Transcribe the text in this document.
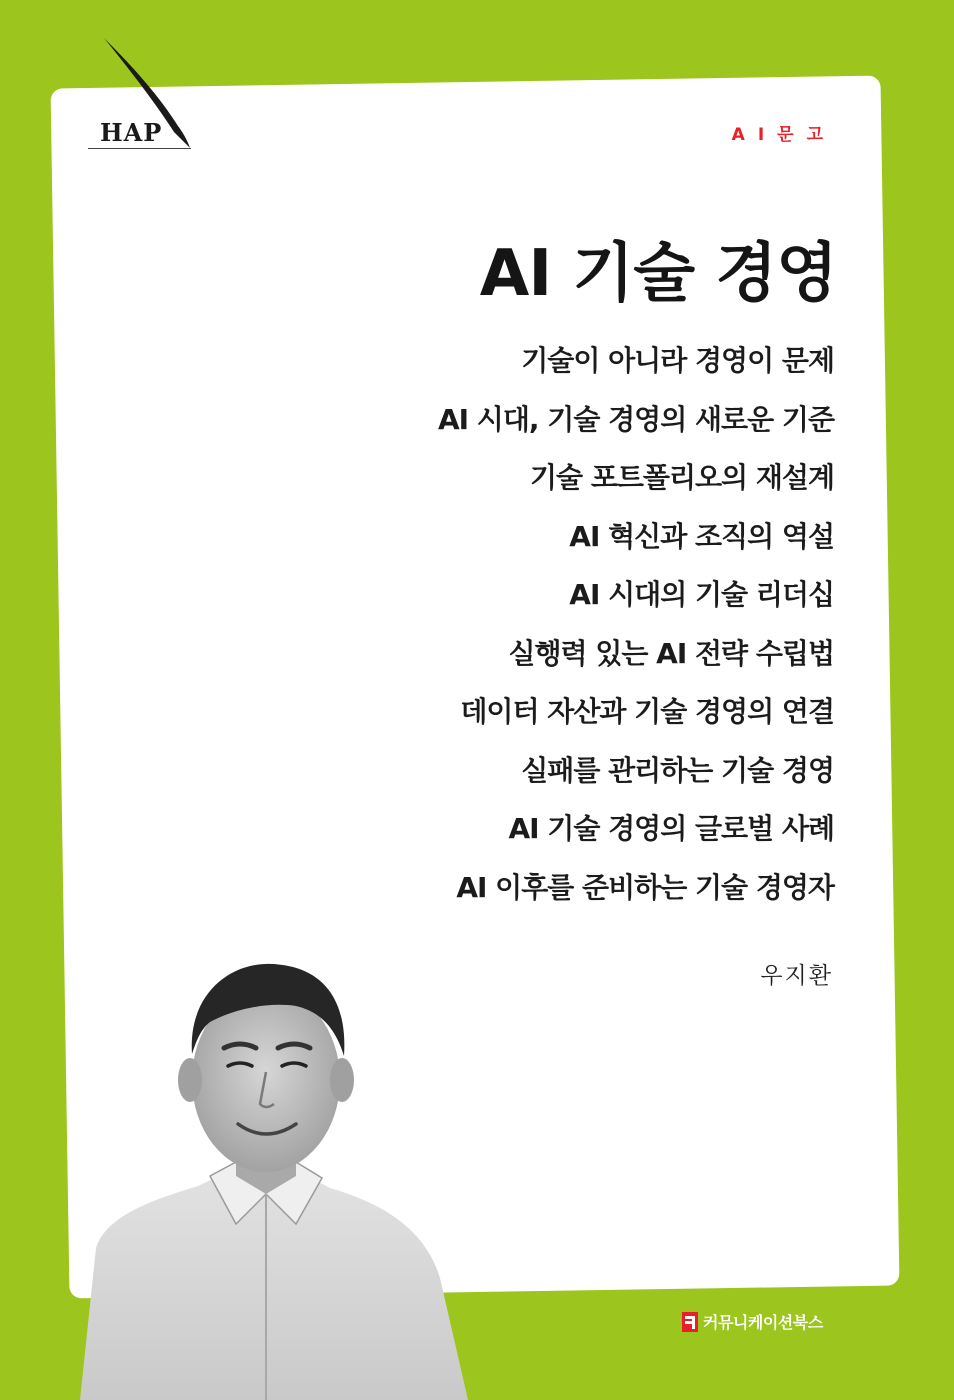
HAP	AI문고
AI 기술 경영
기술이 아니라 경영이 문제
AI 시대, 기술 경영의 새로운 기준
기술 포트폴리오의 재설계
AI 혁신과 조직의 역설
AI 시대의 기술 리더십
실행력 있는 AI 전략 수립법
데이터 자산과 기술 경영의 연결
실패를 관리하는 기술 경영
AI 기술 경영의 글로벌 사례
AI 이후를 준비하는 기술 경영자
우지환
커뮤니케이션북스
